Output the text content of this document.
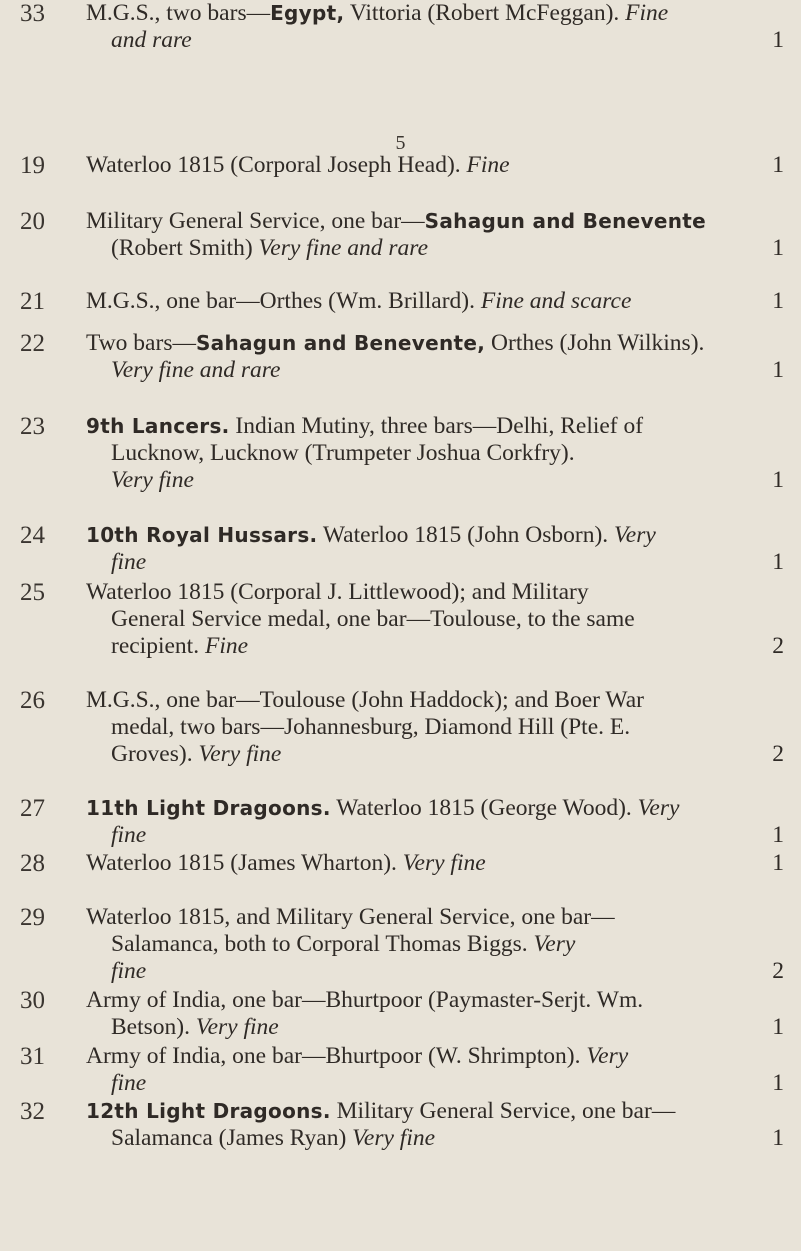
5
19	Waterloo 1815 (Corporal Joseph Head). Fine	1
20	Military General Service, one bar— Sahagun and Benevente
(Robert Smith) Very fine and rare	1
21	M.G.S., one bar—Orthes (Wm. Brillard). Fine and scarce	1
22	Two bars— Sahagun and Benevente, Orthes (John Wilkins).
Very fine and rare	1
23	9th Lancers. Indian Mutiny, three bars—Delhi, Relief of
Lucknow, Lucknow (Trumpeter Joshua Corkfry).
Very fine	1
24	10th Royal Hussars. Waterloo 1815 (John Osborn). Very
fine	1
25	Waterloo 1815 (Corporal J. Littlewood); and Military
General Service medal, one bar—Toulouse, to the same
recipient. Fine	2
26	M.G.S., one bar—Toulouse (John Haddock); and Boer War
medal, two bars—Johannesburg, Diamond Hill (Pte. E.
Groves). Very fine	2
27	11th Light Dragoons. Waterloo 1815 (George Wood). Very
fine	1
28	Waterloo 1815 (James Wharton). Very fine	1
29	Waterloo 1815, and Military General Service, one bar—
Salamanca, both to Corporal Thomas Biggs. Very
fine	2
30	Army of India, one bar—Bhurtpoor (Paymaster-Serjt. Wm.
Betson). Very fine	1
31	Army of India, one bar—Bhurtpoor (W. Shrimpton). Very
fine	1
32	12th Light Dragoons. Military General Service, one bar—
Salamanca (James Ryan) Very fine	1
33	M.G.S., two bars— Egypt, Vittoria (Robert McFeggan). Fine
and rare	1
